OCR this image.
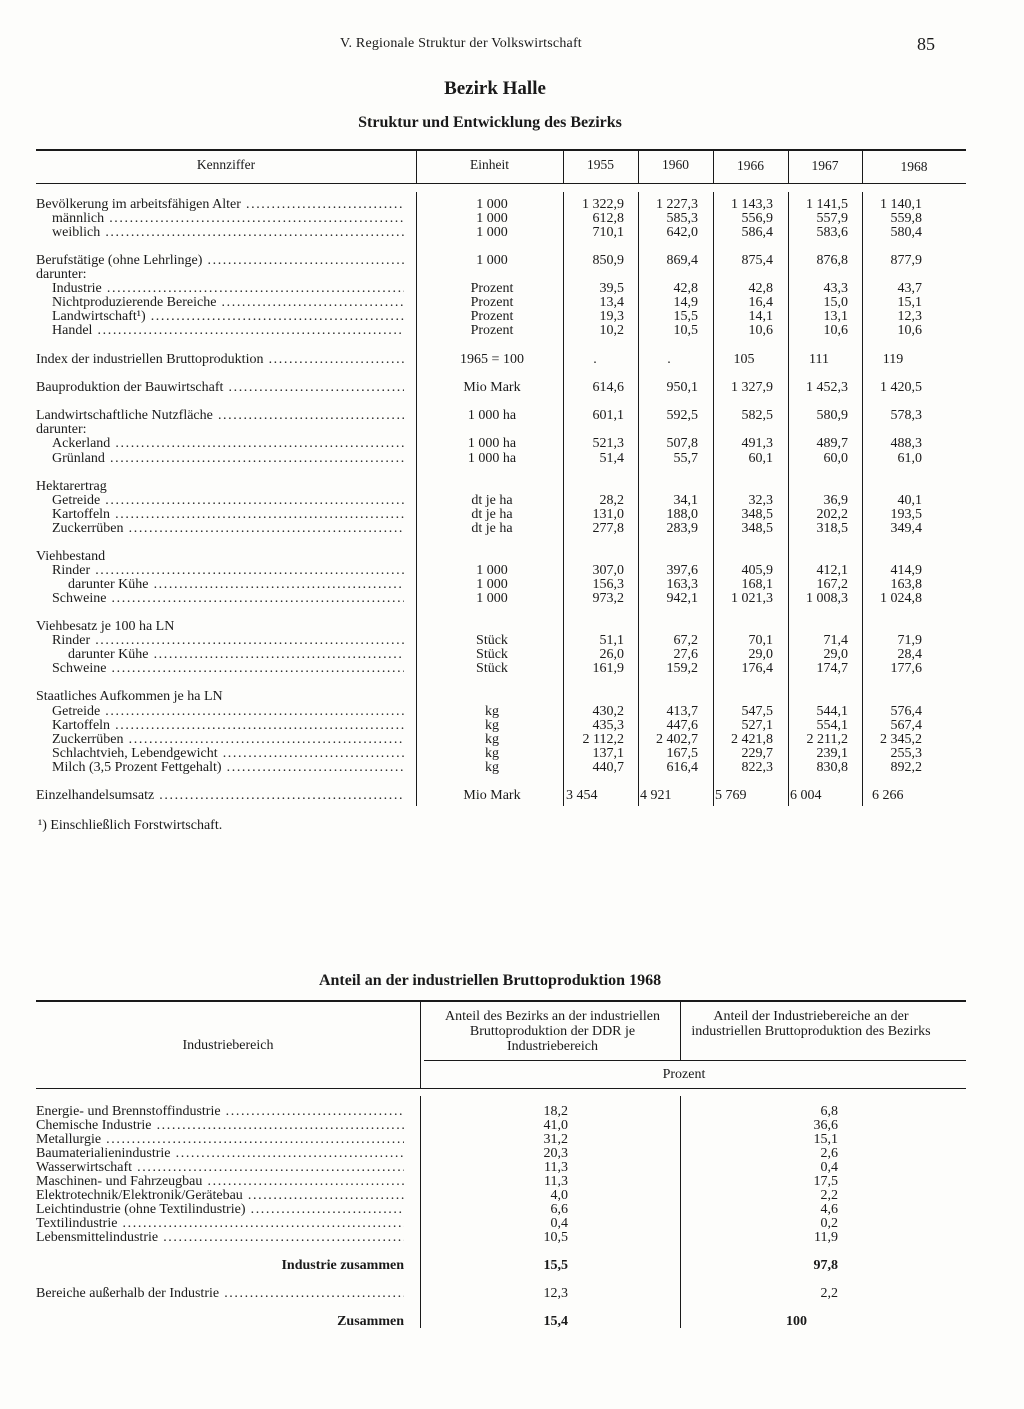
V. Regionale Struktur der Volkswirtschaft	85
Bezirk Halle
Struktur und Entwicklung des Bezirks
Kennziffer	Einheit	1955	1960	1966	1967	1968
Bevölkerung im arbeitsfähigen Alter .....	1 000	1 322,9	1 227,3	1 143,3	1 141,5	1 140,1
männlich .....	1 000	612,8	585,3	556,9	557,9	559,8
weiblich .....	1 000	710,1	642,0	586,4	583,6	580,4
Berufstätige (ohne Lehrlinge) .....	1 000	850,9	869,4	875,4	876,8	877,9
darunter:
Industrie .....	Prozent	39,5	42,8	42,8	43,3	43,7
Nichtproduzierende Bereiche .....	Prozent	13,4	14,9	16,4	15,0	15,1
Landwirtschaft¹) .....	Prozent	19,3	15,5	14,1	13,1	12,3
Handel .....	Prozent	10,2	10,5	10,6	10,6	10,6
Index der industriellen Bruttoproduktion .....	1965 = 100	.	.	105	111	119
Bauproduktion der Bauwirtschaft .....	Mio Mark	614,6	950,1	1 327,9	1 452,3	1 420,5
Landwirtschaftliche Nutzfläche .....	1 000 ha	601,1	592,5	582,5	580,9	578,3
darunter:
Ackerland .....	1 000 ha	521,3	507,8	491,3	489,7	488,3
Grünland .....	1 000 ha	51,4	55,7	60,1	60,0	61,0
Hektarertrag
Getreide .....	dt je ha	28,2	34,1	32,3	36,9	40,1
Kartoffeln .....	dt je ha	131,0	188,0	348,5	202,2	193,5
Zuckerrüben .....	dt je ha	277,8	283,9	348,5	318,5	349,4
Viehbestand
Rinder .....	1 000	307,0	397,6	405,9	412,1	414,9
darunter Kühe .....	1 000	156,3	163,3	168,1	167,2	163,8
Schweine .....	1 000	973,2	942,1	1 021,3	1 008,3	1 024,8
Viehbesatz je 100 ha LN
Rinder .....	Stück	51,1	67,2	70,1	71,4	71,9
darunter Kühe .....	Stück	26,0	27,6	29,0	29,0	28,4
Schweine .....	Stück	161,9	159,2	176,4	174,7	177,6
Staatliches Aufkommen je ha LN
Getreide .....	kg	430,2	413,7	547,5	544,1	576,4
Kartoffeln .....	kg	435,3	447,6	527,1	554,1	567,4
Zuckerrüben .....	kg	2 112,2	2 402,7	2 421,8	2 211,2	2 345,2
Schlachtvieh, Lebendgewicht .....	kg	137,1	167,5	229,7	239,1	255,3
Milch (3,5 Prozent Fettgehalt) .....	kg	440,7	616,4	822,3	830,8	892,2
Einzelhandelsumsatz .....	Mio Mark	3 454	4 921	5 769	6 004	6 266
¹) Einschließlich Forstwirtschaft.
Anteil an der industriellen Bruttoproduktion 1968
Industriebereich
Anteil des Bezirks an der industriellen Bruttoproduktion der DDR je Industriebereich
Anteil der Industriebereiche an der industriellen Bruttoproduktion des Bezirks
Prozent
Energie- und Brennstoffindustrie .....	18,2	6,8
Chemische Industrie .....	41,0	36,6
Metallurgie .....	31,2	15,1
Baumaterialienindustrie .....	20,3	2,6
Wasserwirtschaft .....	11,3	0,4
Maschinen- und Fahrzeugbau .....	11,3	17,5
Elektrotechnik/Elektronik/Gerätebau .....	4,0	2,2
Leichtindustrie (ohne Textilindustrie) .....	6,6	4,6
Textilindustrie .....	0,4	0,2
Lebensmittelindustrie .....	10,5	11,9
Industrie zusammen	15,5	97,8
Bereiche außerhalb der Industrie .....	12,3	2,2
Zusammen	15,4	100
